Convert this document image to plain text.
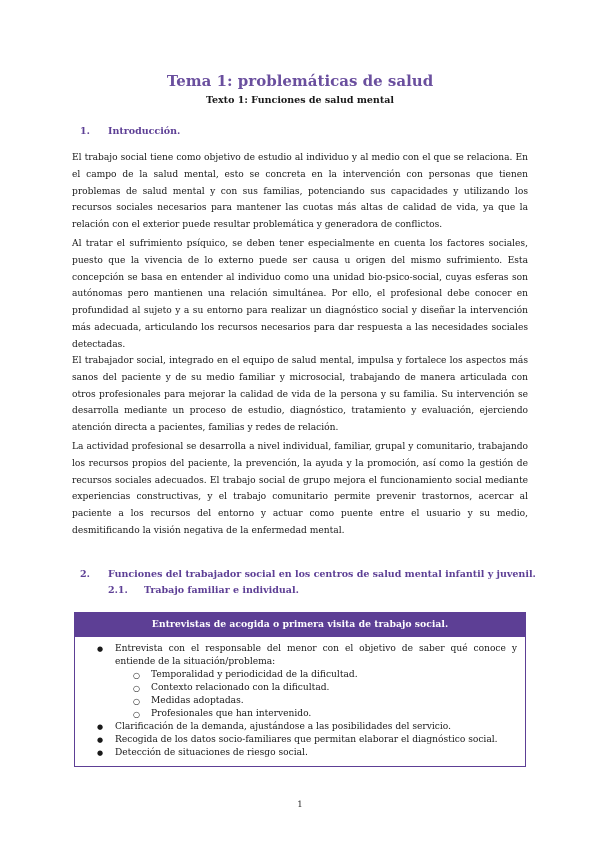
Tema 1: problemáticas de salud
Texto 1: Funciones de salud mental
1. Introducción.

El trabajo social tiene como objetivo de estudio al individuo y al medio con el que se relaciona. En el campo de la salud mental, esto se concreta en la intervención con personas que tienen problemas de salud mental y con sus familias, potenciando sus capacidades y utilizando los recursos sociales necesarios para mantener las cuotas más altas de calidad de vida, ya que la relación con el exterior puede resultar problemática y generadora de conflictos.

Al tratar el sufrimiento psíquico, se deben tener especialmente en cuenta los factores sociales, puesto que la vivencia de lo externo puede ser causa u origen del mismo sufrimiento. Esta concepción se basa en entender al individuo como una unidad bio-psico-social, cuyas esferas son autónomas pero mantienen una relación simultánea. Por ello, el profesional debe conocer en profundidad al sujeto y a su entorno para realizar un diagnóstico social y diseñar la intervención más adecuada, articulando los recursos necesarios para dar respuesta a las necesidades sociales detectadas.

El trabajador social, integrado en el equipo de salud mental, impulsa y fortalece los aspectos más sanos del paciente y de su medio familiar y microsocial, trabajando de manera articulada con otros profesionales para mejorar la calidad de vida de la persona y su familia. Su intervención se desarrolla mediante un proceso de estudio, diagnóstico, tratamiento y evaluación, ejerciendo atención directa a pacientes, familias y redes de relación.

La actividad profesional se desarrolla a nivel individual, familiar, grupal y comunitario, trabajando los recursos propios del paciente, la prevención, la ayuda y la promoción, así como la gestión de recursos sociales adecuados. El trabajo social de grupo mejora el funcionamiento social mediante experiencias constructivas, y el trabajo comunitario permite prevenir trastornos, acercar al paciente a los recursos del entorno y actuar como puente entre el usuario y su medio, desmitificando la visión negativa de la enfermedad mental.

2. Funciones del trabajador social en los centros de salud mental infantil y juvenil.
2.1. Trabajo familiar e individual.
Entrevistas de acogida o primera visita de trabajo social.
● Entrevista con el responsable del menor con el objetivo de saber qué conoce y entiende de la situación/problema:
○ Temporalidad y periodicidad de la dificultad.
○ Contexto relacionado con la dificultad.
○ Medidas adoptadas.
○ Profesionales que han intervenido.
● Clarificación de la demanda, ajustándose a las posibilidades del servicio.
● Recogida de los datos socio-familiares que permitan elaborar el diagnóstico social.
● Detección de situaciones de riesgo social.
1
